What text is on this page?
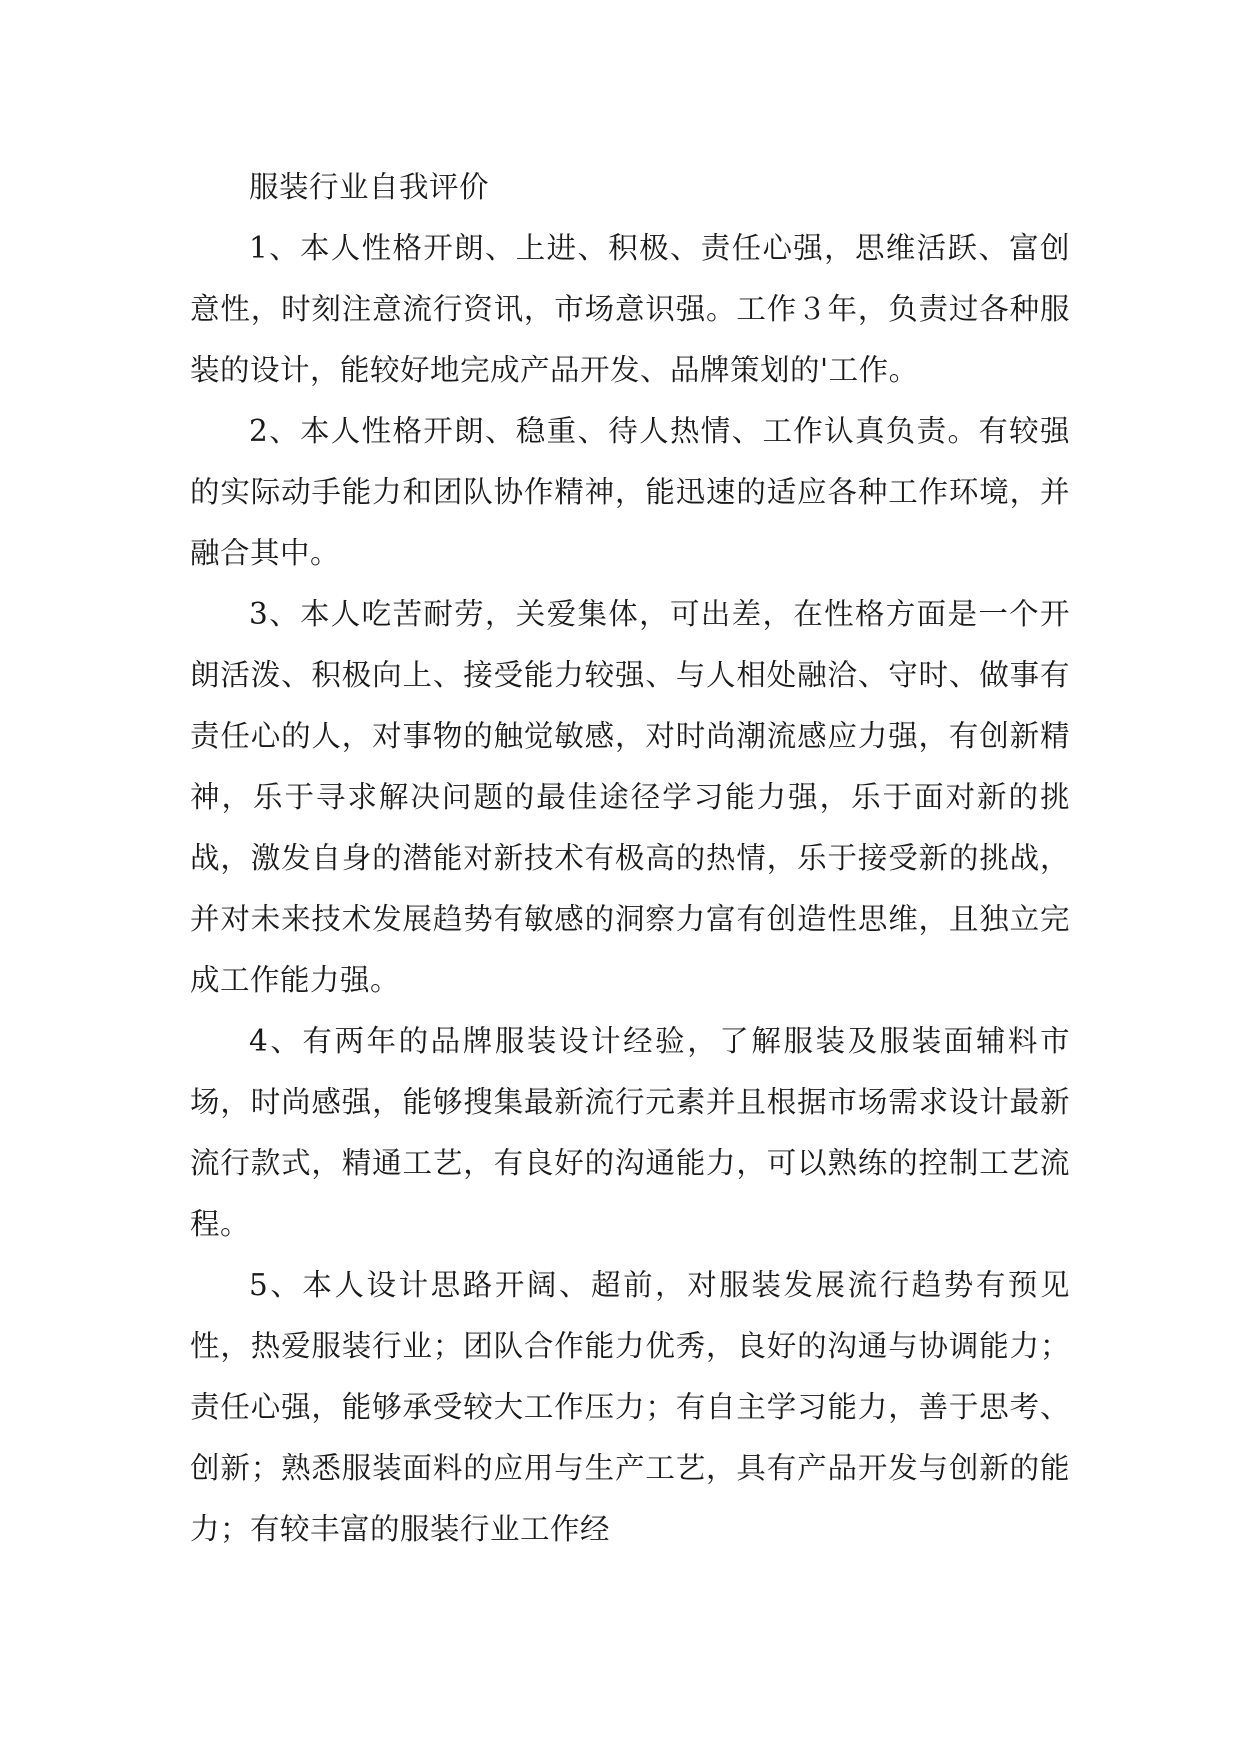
服装行业自我评价

1、本人性格开朗、上进、积极、责任心强，思维活跃、富创意性，时刻注意流行资讯，市场意识强。工作３年，负责过各种服装的设计，能较好地完成产品开发、品牌策划的'工作。

2、本人性格开朗、稳重、待人热情、工作认真负责。有较强的实际动手能力和团队协作精神，能迅速的适应各种工作环境，并融合其中。

3、本人吃苦耐劳，关爱集体，可出差，在性格方面是一个开朗活泼、积极向上、接受能力较强、与人相处融洽、守时、做事有责任心的人，对事物的触觉敏感，对时尚潮流感应力强，有创新精神，乐于寻求解决问题的最佳途径学习能力强，乐于面对新的挑战，激发自身的潜能对新技术有极高的热情，乐于接受新的挑战，并对未来技术发展趋势有敏感的洞察力富有创造性思维，且独立完成工作能力强。

4、有两年的品牌服装设计经验，了解服装及服装面辅料市场，时尚感强，能够搜集最新流行元素并且根据市场需求设计最新流行款式，精通工艺，有良好的沟通能力，可以熟练的控制工艺流程。

5、本人设计思路开阔、超前，对服装发展流行趋势有预见性，热爱服装行业；团队合作能力优秀，良好的沟通与协调能力；责任心强，能够承受较大工作压力；有自主学习能力，善于思考、创新；熟悉服装面料的应用与生产工艺，具有产品开发与创新的能力；有较丰富的服装行业工作经
